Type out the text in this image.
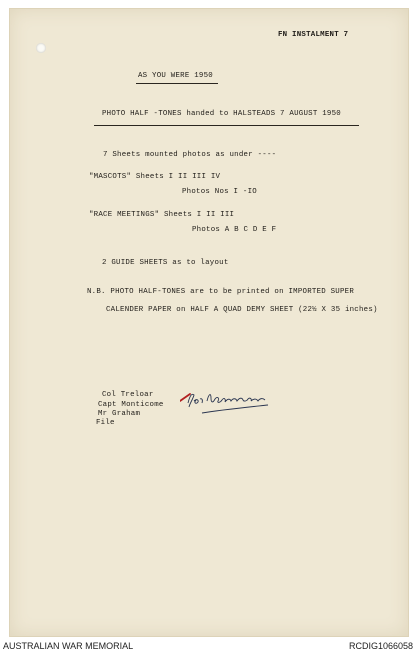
FN INSTALMENT 7
AS YOU WERE 1950
PHOTO HALF -TONES handed to HALSTEADS 7 AUGUST 1950
7 Sheets mounted photos as under ----
"MASCOTS" Sheets I II III IV
Photos Nos I -IO
"RACE MEETINGS" Sheets I II III
Photos A B C D E F
2 GUIDE SHEETS as to layout
N.B. PHOTO HALF-TONES are to be printed on IMPORTED SUPER
CALENDER PAPER on HALF A QUAD DEMY SHEET (22½ X 35 inches)
Col Treloar
Capt Monticome
Mr Graham
File
for information
AUSTRALIAN WAR MEMORIAL	RCDIG1066058
